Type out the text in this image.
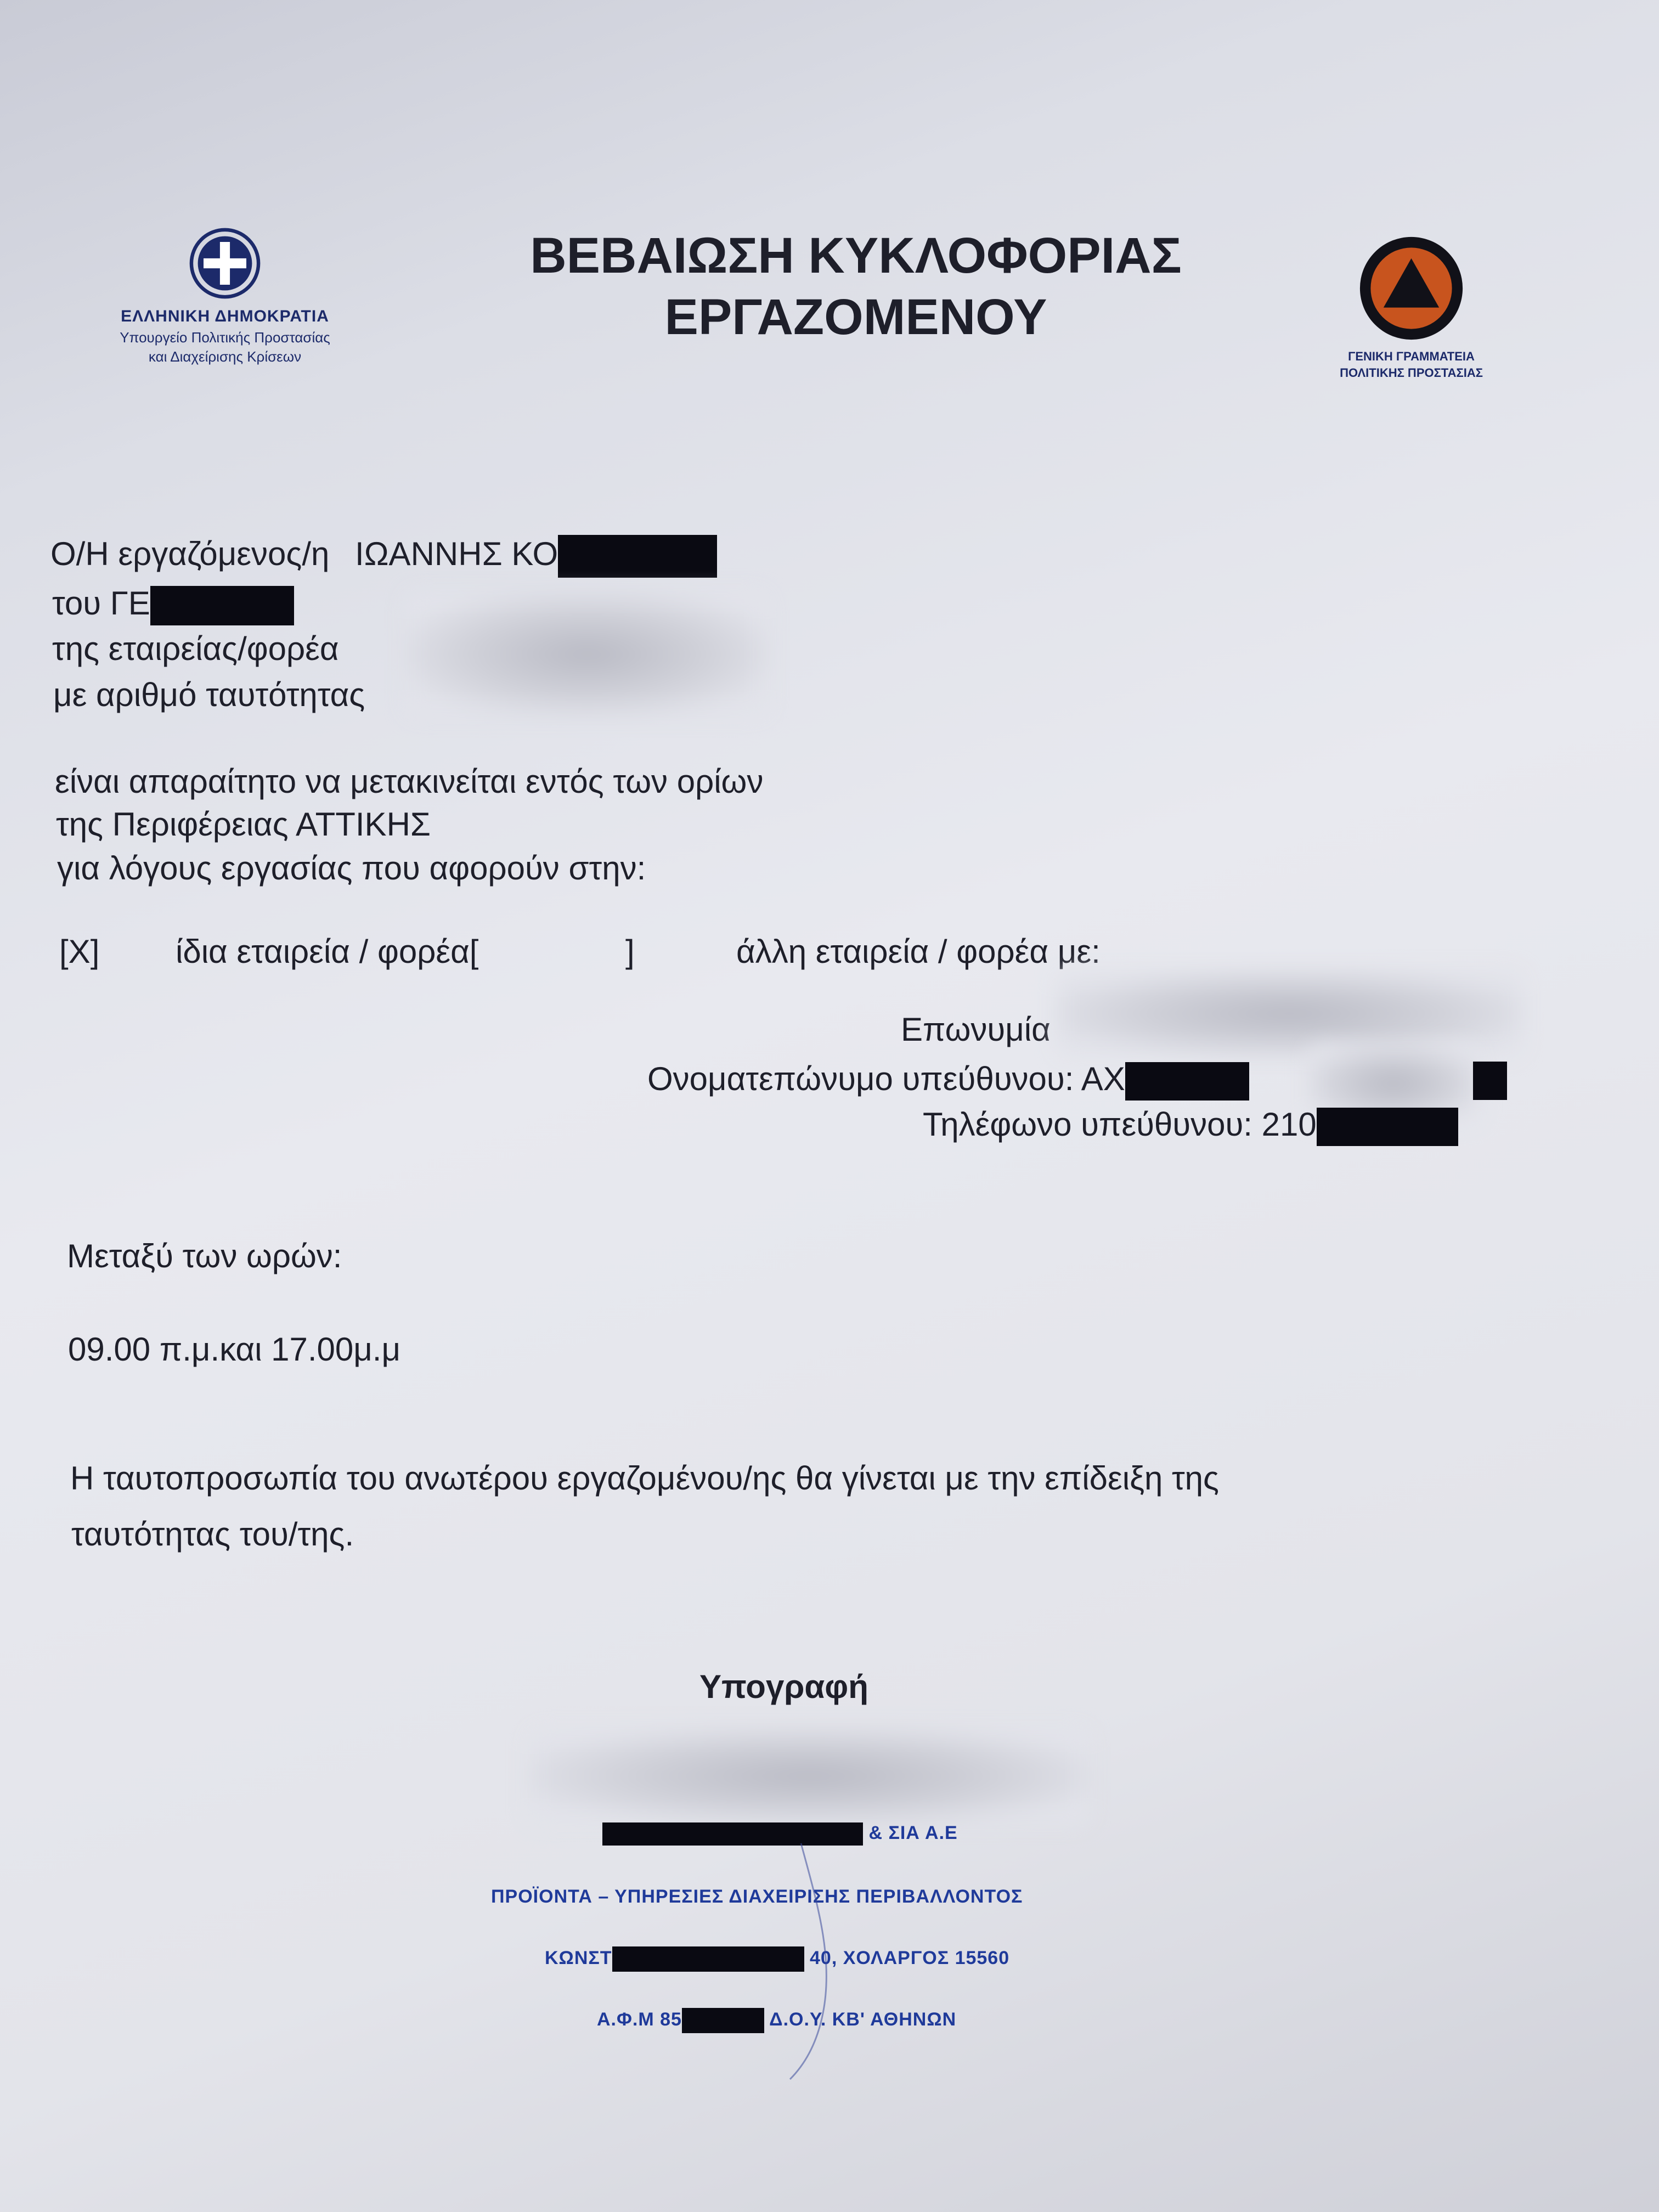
ΕΛΛΗΝΙΚΗ ΔΗΜΟΚΡΑΤΙΑ
Υπουργείο Πολιτικής Προστασίας
και Διαχείρισης Κρίσεων
ΒΕΒΑΙΩΣΗ ΚΥΚΛΟΦΟΡΙΑΣ
ΕΡΓΑΖΟΜΕΝΟΥ
ΓΕΝΙΚΗ ΓΡΑΜΜΑΤΕΙΑ
ΠΟΛΙΤΙΚΗΣ ΠΡΟΣΤΑΣΙΑΣ
Ο/Η εργαζόμενος/η ΙΩΑΝΝΗΣ ΚΟ
του ΓΕ
της εταιρείας/φορέα
με αριθμό ταυτότητας
είναι απαραίτητο να μετακινείται εντός των ορίων
της Περιφέρειας ΑΤΤΙΚΗΣ
για λόγους εργασίας που αφορούν στην:
[X] ίδια εταιρεία / φορέα[	]	άλλη εταιρεία / φορέα με:
Επωνυμία
Ονοματεπώνυμο υπεύθυνου: ΑΧ
Τηλέφωνο υπεύθυνου: 210
Μεταξύ των ωρών:
09.00 π.μ.και 17.00μ.μ
Η ταυτοπροσωπία του ανωτέρου εργαζομένου/ης θα γίνεται με την επίδειξη της
ταυτότητας του/της.
Υπογραφή
& ΣΙΑ Α.Ε
ΠΡΟΪΟΝΤΑ – ΥΠΗΡΕΣΙΕΣ ΔΙΑΧΕΙΡΙΣΗΣ ΠΕΡΙΒΑΛΛΟΝΤΟΣ
ΚΩΝΣΤ	40, ΧΟΛΑΡΓΟΣ 15560
Α.Φ.Μ 85	Δ.Ο.Υ. ΚΒ' ΑΘΗΝΩΝ
